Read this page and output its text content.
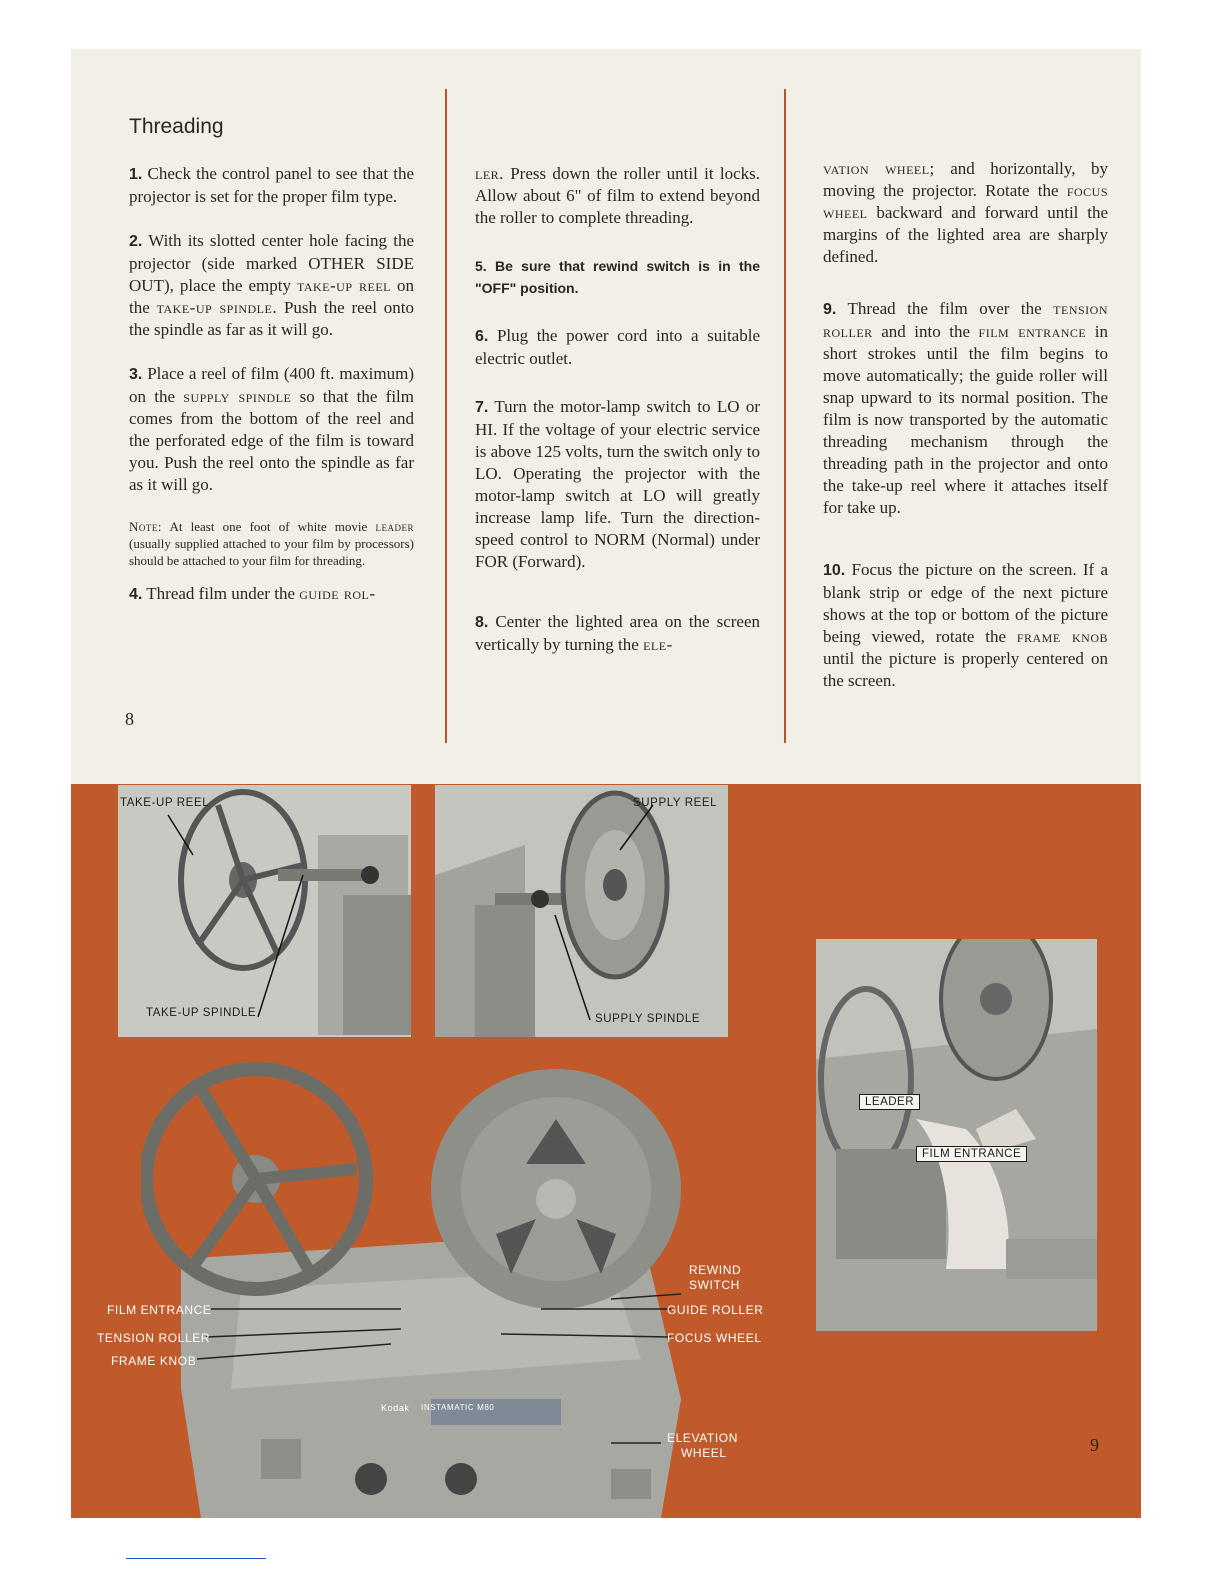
Threading

1. Check the control panel to see that the projector is set for the proper film type.

2. With its slotted center hole facing the projector (side marked OTHER SIDE OUT), place the empty take-up reel on the take-up spindle. Push the reel onto the spindle as far as it will go.

3. Place a reel of film (400 ft. maximum) on the supply spindle so that the film comes from the bottom of the reel and the perforated edge of the film is toward you. Push the reel onto the spindle as far as it will go.

Note: At least one foot of white movie leader (usually supplied attached to your film by processors) should be attached to your film for threading.

4. Thread film under the guide rol-

8

ler. Press down the roller until it locks. Allow about 6" of film to extend beyond the roller to complete threading.

5. Be sure that rewind switch is in the "OFF" position.

6. Plug the power cord into a suitable electric outlet.

7. Turn the motor-lamp switch to LO or HI. If the voltage of your electric service is above 125 volts, turn the switch only to LO. Operating the projector with the motor-lamp switch at LO will greatly increase lamp life. Turn the direction-speed control to NORM (Normal) under FOR (Forward).

8. Center the lighted area on the screen vertically by turning the ele-

vation wheel; and horizontally, by moving the projector. Rotate the focus wheel backward and forward until the margins of the lighted area are sharply defined.

9. Thread the film over the tension roller and into the film entrance in short strokes until the film begins to move automatically; the guide roller will snap upward to its normal position. The film is now transported by the automatic threading mechanism through the threading path in the projector and onto the take-up reel where it attaches itself for take up.

10. Focus the picture on the screen. If a blank strip or edge of the next picture shows at the top or bottom of the picture being viewed, rotate the frame knob until the picture is properly centered on the screen.

TAKE-UP REEL
TAKE-UP SPINDLE
SUPPLY REEL
SUPPLY SPINDLE
Kodak INSTAMATIC M80
FILM ENTRANCE
TENSION ROLLER
FRAME KNOB
REWIND
SWITCH
GUIDE ROLLER
FOCUS WHEEL
ELEVATION
WHEEL
LEADER
FILM ENTRANCE
9
